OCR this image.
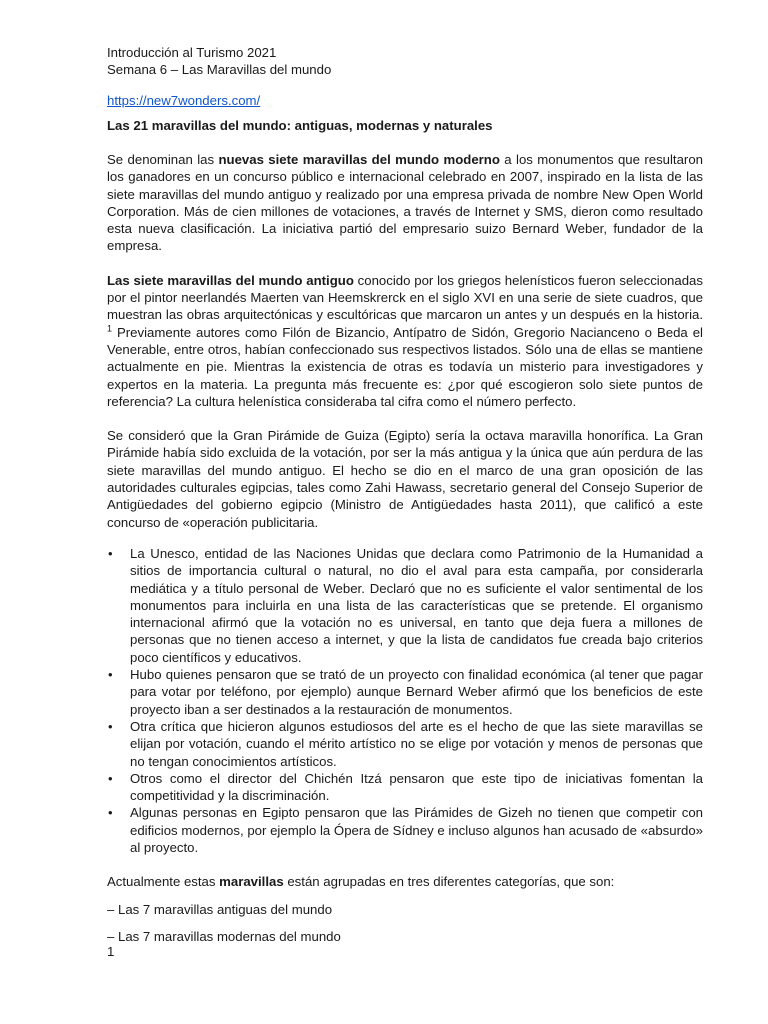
Introducción al Turismo 2021

Semana 6 – Las Maravillas del mundo

https://new7wonders.com/

Las 21 maravillas del mundo: antiguas, modernas y naturales

Se denominan las nuevas siete maravillas del mundo moderno a los monumentos que resultaron los ganadores en un concurso público e internacional celebrado en 2007, inspirado en la lista de las siete maravillas del mundo antiguo y realizado por una empresa privada de nombre New Open World Corporation. Más de cien millones de votaciones, a través de Internet y SMS, dieron como resultado esta nueva clasificación. La iniciativa partió del empresario suizo Bernard Weber, fundador de la empresa.

Las siete maravillas del mundo antiguo conocido por los griegos helenísticos fueron seleccionadas por el pintor neerlandés Maerten van Heemskrerck en el siglo XVI en una serie de siete cuadros, que muestran las obras arquitectónicas y escultóricas que marcaron un antes y un después en la historia. $^1$ Previamente autores como Filón de Bizancio, Antípatro de Sidón, Gregorio Nacianceno o Beda el Venerable, entre otros, habían confeccionado sus respectivos listados. Sólo una de ellas se mantiene actualmente en pie. Mientras la existencia de otras es todavía un misterio para investigadores y expertos en la materia. La pregunta más frecuente es: ¿por qué escogieron solo siete puntos de referencia? La cultura helenística consideraba tal cifra como el número perfecto.

Se consideró que la Gran Pirámide de Guiza (Egipto) sería la octava maravilla honorífica. La Gran Pirámide había sido excluida de la votación, por ser la más antigua y la única que aún perdura de las siete maravillas del mundo antiguo. El hecho se dio en el marco de una gran oposición de las autoridades culturales egipcias, tales como Zahi Hawass, secretario general del Consejo Superior de Antigüedades del gobierno egipcio (Ministro de Antigüedades hasta 2011), que calificó a este concurso de «operación publicitaria.

• La Unesco, entidad de las Naciones Unidas que declara como Patrimonio de la Humanidad a sitios de importancia cultural o natural, no dio el aval para esta campaña, por considerarla mediática y a título personal de Weber. Declaró que no es suficiente el valor sentimental de los monumentos para incluirla en una lista de las características que se pretende. El organismo internacional afirmó que la votación no es universal, en tanto que deja fuera a millones de personas que no tienen acceso a internet, y que la lista de candidatos fue creada bajo criterios poco científicos y educativos.
• Hubo quienes pensaron que se trató de un proyecto con finalidad económica (al tener que pagar para votar por teléfono, por ejemplo) aunque Bernard Weber afirmó que los beneficios de este proyecto iban a ser destinados a la restauración de monumentos.
• Otra crítica que hicieron algunos estudiosos del arte es el hecho de que las siete maravillas se elijan por votación, cuando el mérito artístico no se elige por votación y menos de personas que no tengan conocimientos artísticos.
• Otros como el director del Chichén Itzá pensaron que este tipo de iniciativas fomentan la competitividad y la discriminación.
• Algunas personas en Egipto pensaron que las Pirámides de Gizeh no tienen que competir con edificios modernos, por ejemplo la Ópera de Sídney e incluso algunos han acusado de «absurdo» al proyecto.

Actualmente estas maravillas están agrupadas en tres diferentes categorías, que son:

– Las 7 maravillas antiguas del mundo

– Las 7 maravillas modernas del mundo

1
